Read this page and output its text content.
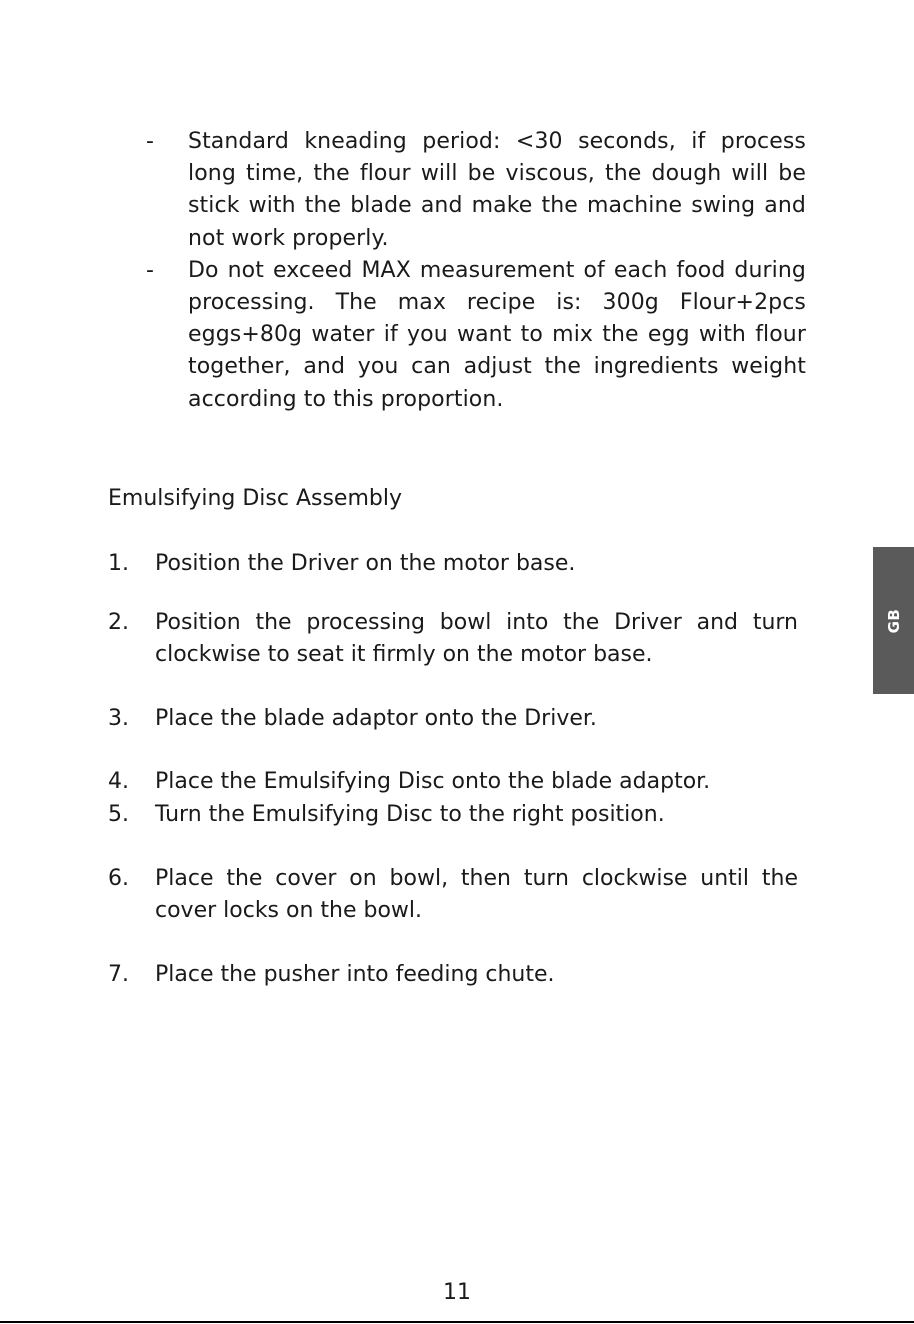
- Standard kneading period: <30 seconds, if process long time, the flour will be viscous, the dough will be stick with the blade and make the machine swing and not work properly.
- Do not exceed MAX measurement of each food during processing. The max recipe is: 300g Flour+2pcs eggs+80g water if you want to mix the egg with flour together, and you can adjust the ingredients weight according to this proportion.
Emulsifying Disc Assembly
1.	Position the Driver on the motor base.
2.	Position the processing bowl into the Driver and turn clockwise to seat it firmly on the motor base.
3.	Place the blade adaptor onto the Driver.
4.	Place the Emulsifying Disc onto the blade adaptor.
5.	Turn the Emulsifying Disc to the right position.
6.	Place the cover on bowl, then turn clockwise until the cover locks on the bowl.
7.	Place the pusher into feeding chute.
GB
11
